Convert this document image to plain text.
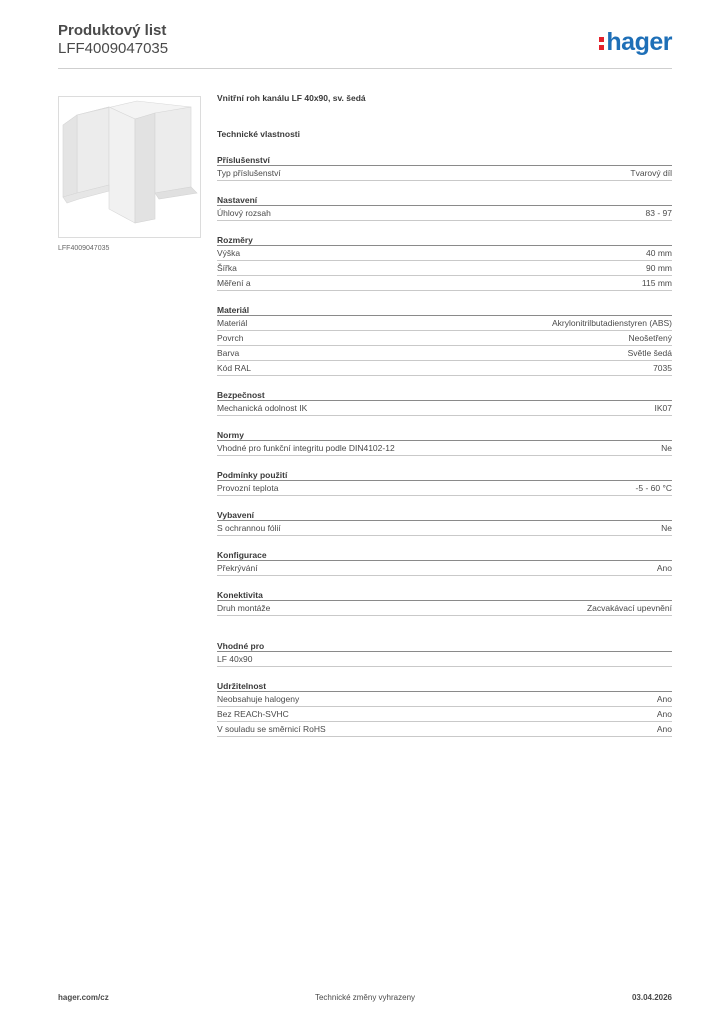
Produktový list
LFF4009047035	hager
LFF4009047035
Vnitřní roh kanálu LF 40x90, sv. šedá
Technické vlastnosti
Příslušenství
Typ příslušenství	Tvarový díl
Nastavení
Úhlový rozsah	83 - 97
Rozměry
Výška	40 mm
Šířka	90 mm
Měření a	115 mm
Materiál
Materiál	Akrylonitrilbutadienstyren (ABS)
Povrch	Neošetřený
Barva	Světle šedá
Kód RAL	7035
Bezpečnost
Mechanická odolnost IK	IK07
Normy
Vhodné pro funkční integritu podle DIN4102-12	Ne
Podmínky použití
Provozní teplota	-5 - 60 °C
Vybavení
S ochrannou fólií	Ne
Konfigurace
Překrývání	Ano
Konektivita
Druh montáže	Zacvakávací upevnění
Vhodné pro
LF 40x90
Udržitelnost
Neobsahuje halogeny	Ano
Bez REACh-SVHC	Ano
V souladu se směrnicí RoHS	Ano
hager.com/cz	Technické změny vyhrazeny	03.04.2026
